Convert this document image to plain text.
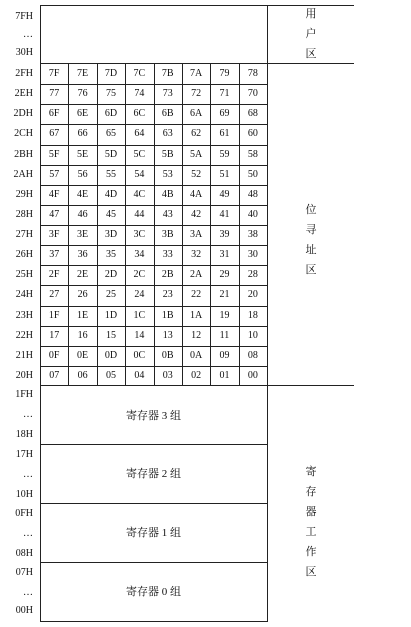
7FH
…
30H
用
户
区
2FH	7F	7E	7D	7C	7B	7A	79	78
2EH	77	76	75	74	73	72	71	70
2DH	6F	6E	6D	6C	6B	6A	69	68
2CH	67	66	65	64	63	62	61	60
2BH	5F	5E	5D	5C	5B	5A	59	58
2AH	57	56	55	54	53	52	51	50
29H	4F	4E	4D	4C	4B	4A	49	48
28H	47	46	45	44	43	42	41	40
27H	3F	3E	3D	3C	3B	3A	39	38
26H	37	36	35	34	33	32	31	30
25H	2F	2E	2D	2C	2B	2A	29	28
24H	27	26	25	24	23	22	21	20
23H	1F	1E	1D	1C	1B	1A	19	18
22H	17	16	15	14	13	12	11	10
21H	0F	0E	0D	0C	0B	0A	09	08
20H	07	06	05	04	03	02	01	00
位
寻
址
区
1FH
…
18H
寄存器 3 组
17H
…
10H
寄存器 2 组
0FH
…
08H
寄存器 1 组
07H
…
00H
寄存器 0 组
寄
存
器
工
作
区
